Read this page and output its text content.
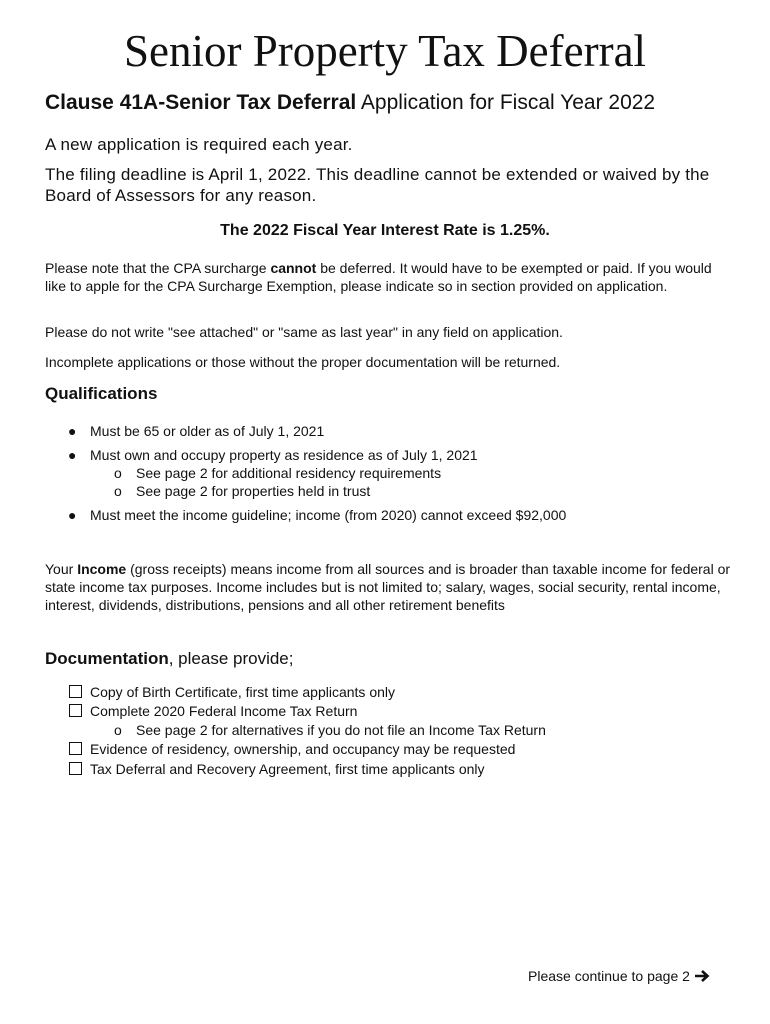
Senior Property Tax Deferral
Clause 41A-Senior Tax Deferral Application for Fiscal Year 2022
A new application is required each year.
The filing deadline is April 1, 2022. This deadline cannot be extended or waived by the
Board of Assessors for any reason.
The 2022 Fiscal Year Interest Rate is 1.25%.
Please note that the CPA surcharge cannot be deferred. It would have to be exempted or paid. If you would like to apple for the CPA Surcharge Exemption, please indicate so in section provided on application.
Please do not write "see attached" or "same as last year" in any field on application.
Incomplete applications or those without the proper documentation will be returned.
Qualifications
● Must be 65 or older as of July 1, 2021
● Must own and occupy property as residence as of July 1, 2021
o See page 2 for additional residency requirements
o See page 2 for properties held in trust
● Must meet the income guideline; income (from 2020) cannot exceed $92,000
Your Income (gross receipts) means income from all sources and is broader than taxable income for federal or state income tax purposes. Income includes but is not limited to; salary, wages, social security, rental income, interest, dividends, distributions, pensions and all other retirement benefits
Documentation, please provide;
Copy of Birth Certificate, first time applicants only
Complete 2020 Federal Income Tax Return
o See page 2 for alternatives if you do not file an Income Tax Return
Evidence of residency, ownership, and occupancy may be requested
Tax Deferral and Recovery Agreement, first time applicants only
Please continue to page 2
